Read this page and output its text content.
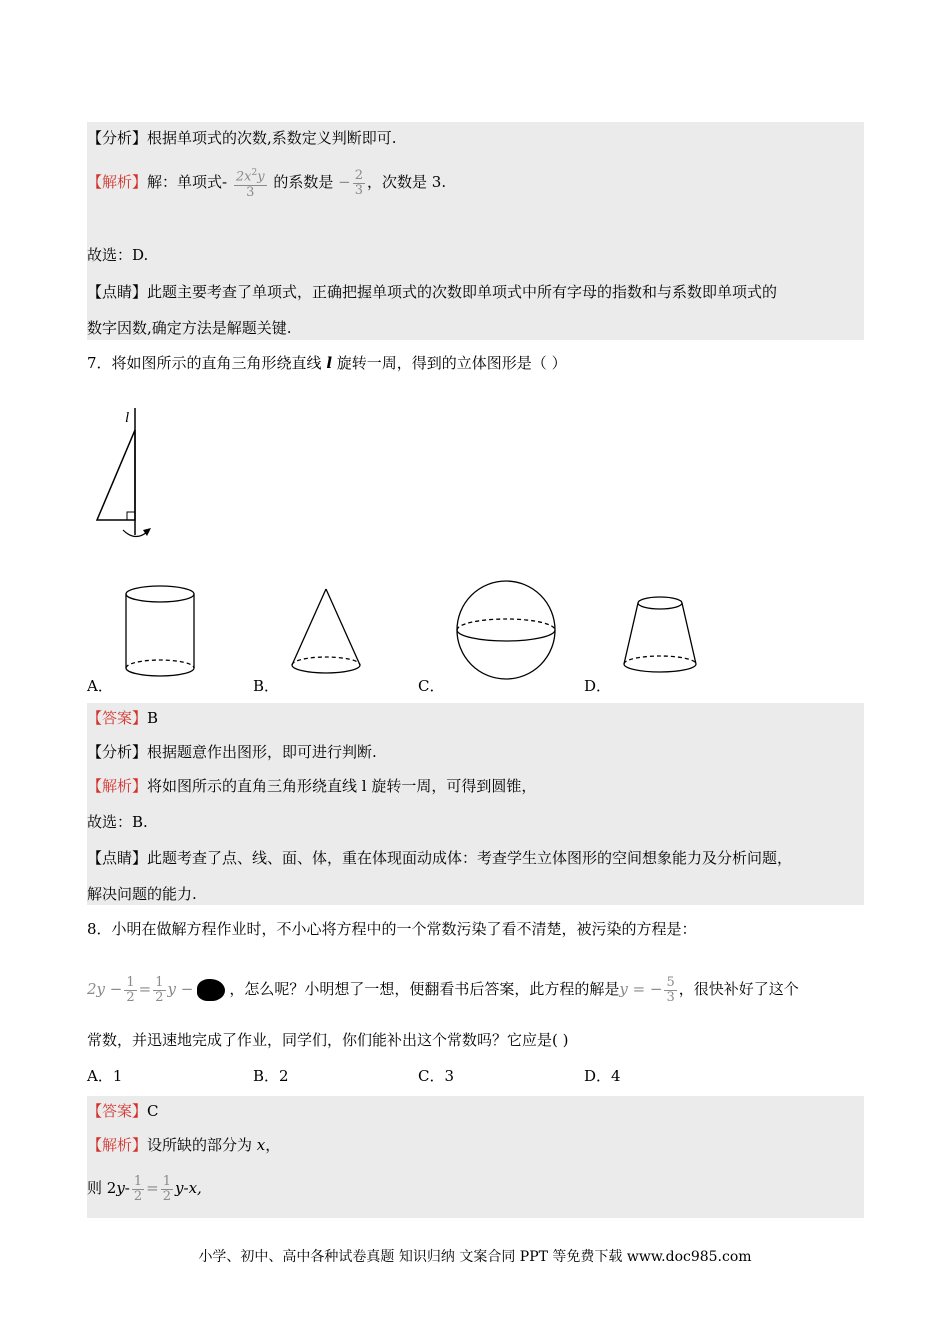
【分析】根据单项式的次数,系数定义判断即可.
【解析】解：单项式- $\frac{2x^2y}{3}$ 的系数是 − $\frac{2}{3}$ ，次数是 3.
故选：D.
【点睛】此题主要考查了单项式，正确把握单项式的次数即单项式中所有字母的指数和与系数即单项式的
数字因数,确定方法是解题关键.
7．将如图所示的直角三角形绕直线 l 旋转一周，得到的立体图形是（ ）
l
A．	B．	C．	D．
【答案】B
【分析】根据题意作出图形，即可进行判断.
【解析】将如图所示的直角三角形绕直线 l 旋转一周，可得到圆锥，
故选：B.
【点睛】此题考查了点、线、面、体，重在体现面动成体：考查学生立体图形的空间想象能力及分析问题，
解决问题的能力.
8．小明在做解方程作业时，不小心将方程中的一个常数污染了看不清楚，被污染的方程是：
$2y - \frac{1}{2} = \frac{1}{2}$ y − ，怎么呢？小明想了一想，便翻看书后答案，此方程的解是y = − $\frac{5}{3}$ ，很快补好了这个
常数，并迅速地完成了作业，同学们，你们能补出这个常数吗？它应是( )
A．1	B．2	C．3	D．4
【答案】C
【解析】设所缺的部分为 x，
则 $2y- \frac{1}{2} = \frac{1}{2} y-x$,
小学、初中、高中各种试卷真题 知识归纳 文案合同 PPT 等免费下载 www.doc985.com
